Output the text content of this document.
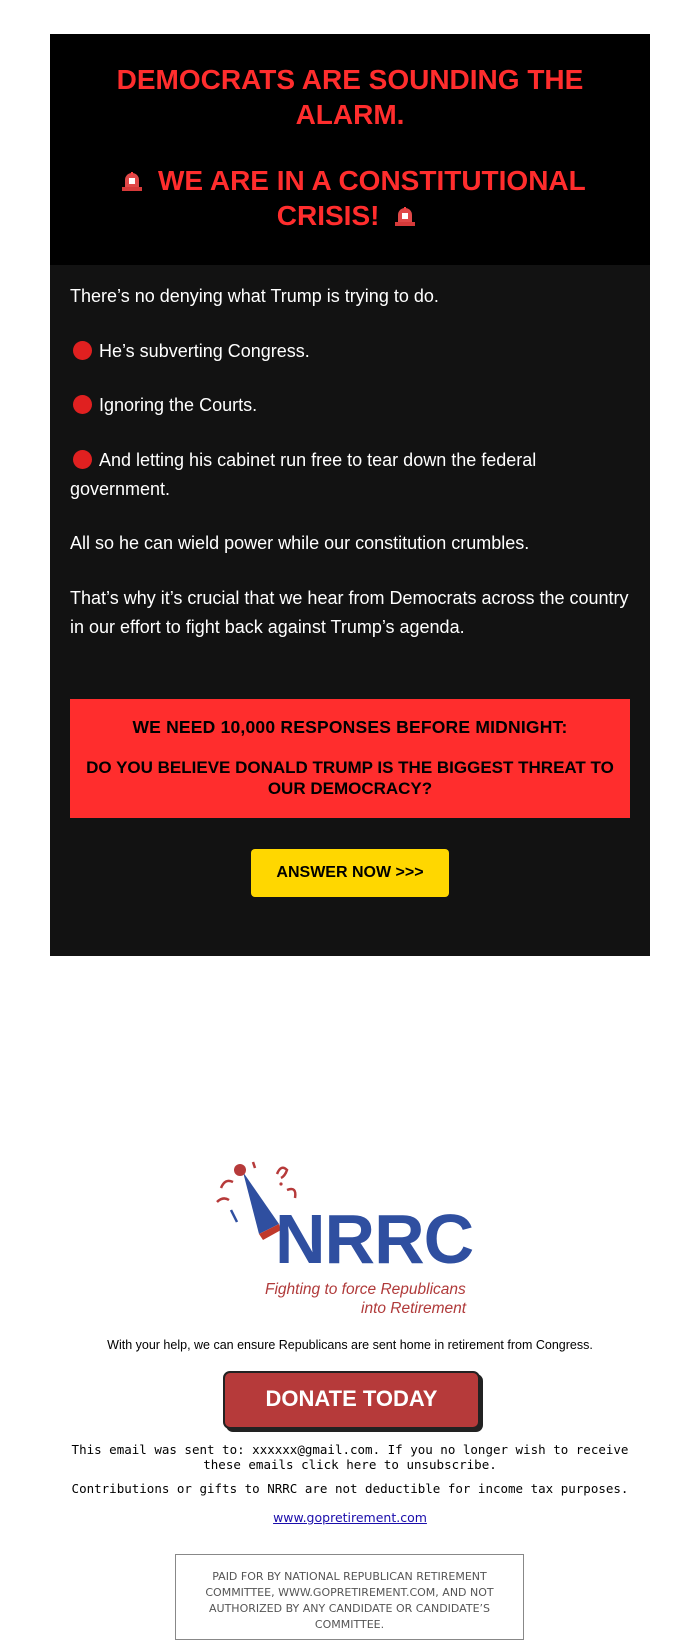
DEMOCRATS ARE SOUNDING THE ALARM.

WE ARE IN A CONSTITUTIONAL CRISIS!

There’s no denying what Trump is trying to do.

He’s subverting Congress.

Ignoring the Courts.

And letting his cabinet run free to tear down the federal government.

All so he can wield power while our constitution crumbles.

That’s why it’s crucial that we hear from Democrats across the country in our effort to fight back against Trump’s agenda.

WE NEED 10,000 RESPONSES BEFORE MIDNIGHT:

DO YOU BELIEVE DONALD TRUMP IS THE BIGGEST THREAT TO OUR DEMOCRACY?

ANSWER NOW >>>

NRRC

Fighting to force Republicans

into Retirement

With your help, we can ensure Republicans are sent home in retirement from Congress.

DONATE TODAY

This email was sent to: xxxxxx@gmail.com. If you no longer wish to receive these emails click here to unsubscribe.

Contributions or gifts to NRRC are not deductible for income tax purposes.

www.gopretirement.com

PAID FOR BY NATIONAL REPUBLICAN RETIREMENT COMMITTEE, WWW.GOPRETIREMENT.COM, AND NOT AUTHORIZED BY ANY CANDIDATE OR CANDIDATE’S COMMITTEE.
